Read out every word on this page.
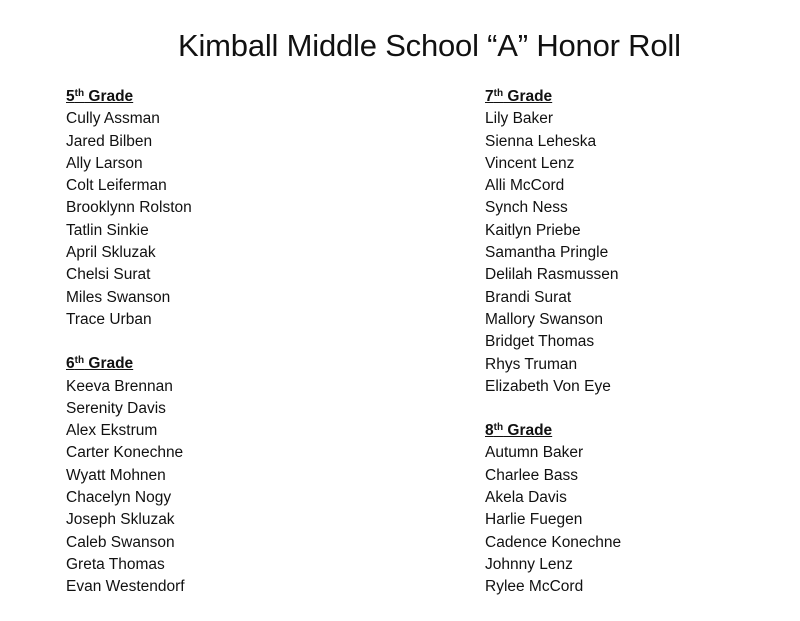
Kimball Middle School “A” Honor Roll
5th Grade
Cully Assman
Jared Bilben
Ally Larson
Colt Leiferman
Brooklynn Rolston
Tatlin Sinkie
April Skluzak
Chelsi Surat
Miles Swanson
Trace Urban
6th Grade
Keeva Brennan
Serenity Davis
Alex Ekstrum
Carter Konechne
Wyatt Mohnen
Chacelyn Nogy
Joseph Skluzak
Caleb Swanson
Greta Thomas
Evan Westendorf
7th Grade
Lily Baker
Sienna Leheska
Vincent Lenz
Alli McCord
Synch Ness
Kaitlyn Priebe
Samantha Pringle
Delilah Rasmussen
Brandi Surat
Mallory Swanson
Bridget Thomas
Rhys Truman
Elizabeth Von Eye
8th Grade
Autumn Baker
Charlee Bass
Akela Davis
Harlie Fuegen
Cadence Konechne
Johnny Lenz
Rylee McCord
